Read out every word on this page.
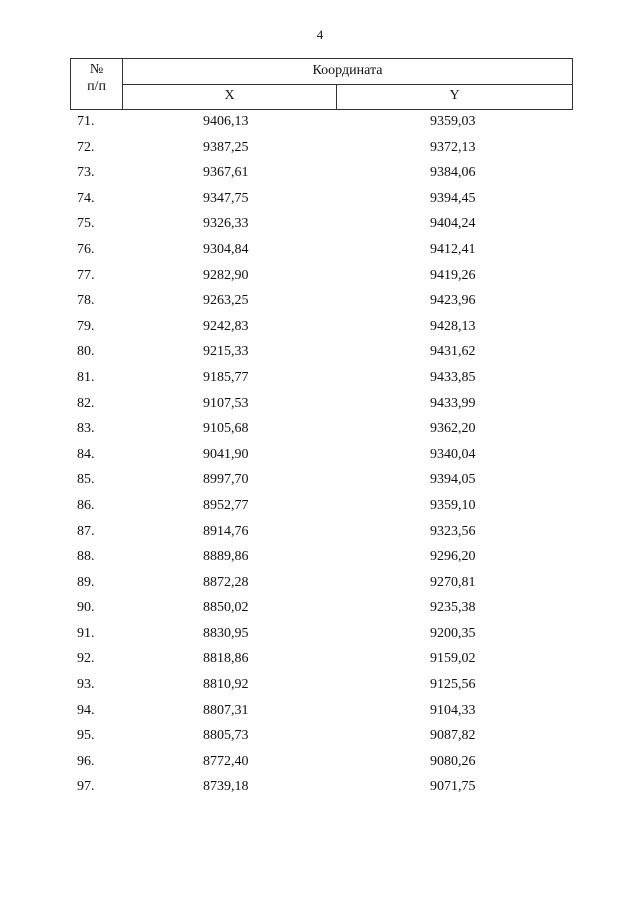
4
№
п/п
Координата
X	Y
71.	9406,13	9359,03
72.	9387,25	9372,13
73.	9367,61	9384,06
74.	9347,75	9394,45
75.	9326,33	9404,24
76.	9304,84	9412,41
77.	9282,90	9419,26
78.	9263,25	9423,96
79.	9242,83	9428,13
80.	9215,33	9431,62
81.	9185,77	9433,85
82.	9107,53	9433,99
83.	9105,68	9362,20
84.	9041,90	9340,04
85.	8997,70	9394,05
86.	8952,77	9359,10
87.	8914,76	9323,56
88.	8889,86	9296,20
89.	8872,28	9270,81
90.	8850,02	9235,38
91.	8830,95	9200,35
92.	8818,86	9159,02
93.	8810,92	9125,56
94.	8807,31	9104,33
95.	8805,73	9087,82
96.	8772,40	9080,26
97.	8739,18	9071,75
